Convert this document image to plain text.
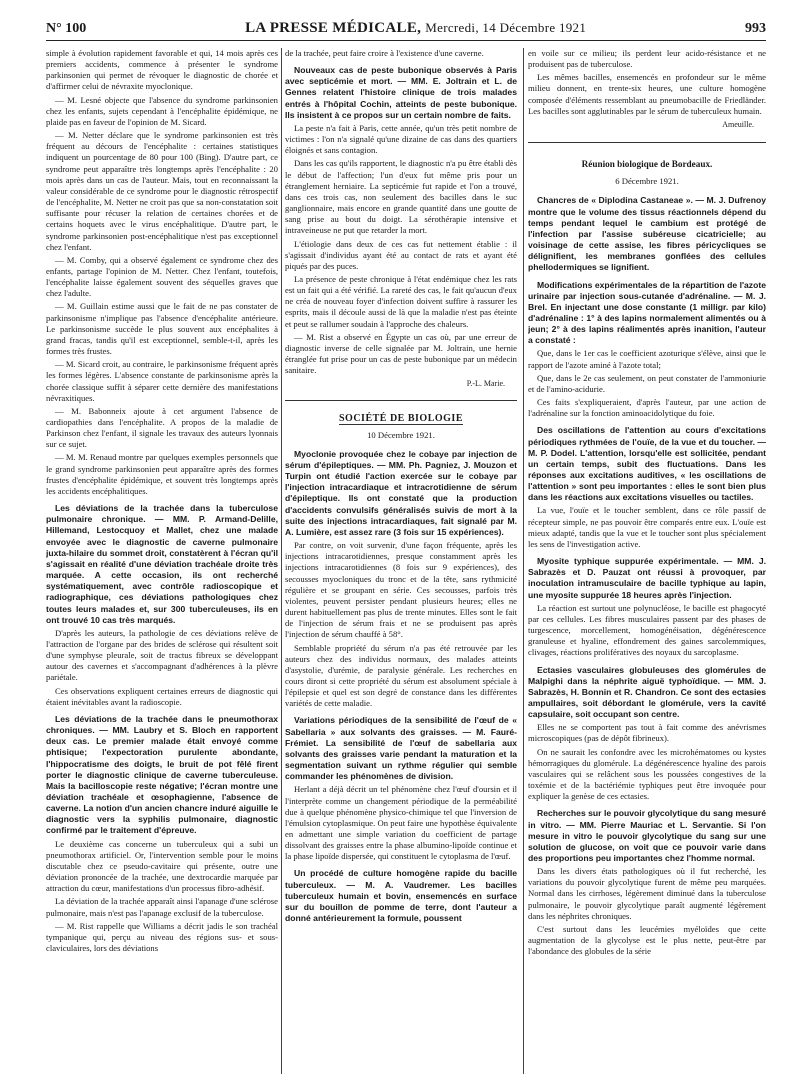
N° 100	LA PRESSE MÉDICALE, Mercredi, 14 Décembre 1921	993

simple à évolution rapidement favorable et qui, 14 mois après ces premiers accidents, commence à présenter le syndrome parkinsonien qui permet de révoquer le diagnostic de chorée et d'affirmer celui de névraxite myoclonique.

— M. Lesné objecte que l'absence du syndrome parkinsonien chez les enfants, sujets cependant à l'encéphalite épidémique, ne plaide pas en faveur de l'opinion de M. Sicard.

— M. Netter déclare que le syndrome parkinsonien est très fréquent au décours de l'encéphalite : certaines statistiques indiquent un pourcentage de 80 pour 100 (Bing). D'autre part, ce syndrome peut apparaître très longtemps après l'encéphalite : 20 mois après dans un cas de l'auteur. Mais, tout en reconnaissant la valeur considérable de ce syndrome pour le diagnostic rétrospectif de l'encéphalite, M. Netter ne croit pas que sa non-constatation soit suffisante pour récuser la relation de certaines chorées et de certains hoquets avec le virus encéphalitique. D'autre part, le syndrome parkinsonien post-encéphalitique n'est pas exceptionnel chez l'enfant.

— M. Comby, qui a observé également ce syndrome chez des enfants, partage l'opinion de M. Netter. Chez l'enfant, toutefois, l'encéphalite laisse également souvent des séquelles graves que chez l'adulte.

— M. Guillain estime aussi que le fait de ne pas constater de parkinsonisme n'implique pas l'absence d'encéphalite antérieure. Le parkinsonisme succède le plus souvent aux encéphalites à grand fracas, tandis qu'il est exceptionnel, semble-t-il, après les formes très frustes.

— M. Sicard croit, au contraire, le parkinsonisme fréquent après les formes légères. L'absence constante de parkinsonisme après la chorée classique suffit à séparer cette dernière des manifestations névraxitiques.

— M. Babonneix ajoute à cet argument l'absence de cardiopathies dans l'encéphalite. A propos de la maladie de Parkinson chez l'enfant, il signale les travaux des auteurs lyonnais sur ce sujet.

— M. M. Renaud montre par quelques exemples personnels que le grand syndrome parkinsonien peut apparaître après des formes frustes d'encéphalite épidémique, et souvent très longtemps après les accidents encéphalitiques.

Les déviations de la trachée dans la tuberculose pulmonaire chronique. — MM. P. Armand-Delille, Hillemand, Lestocquoy et Mallet, chez une malade envoyée avec le diagnostic de caverne pulmonaire juxta-hilaire du sommet droit, constatèrent à l'écran qu'il s'agissait en réalité d'une déviation trachéale droite très marquée. A cette occasion, ils ont recherché systématiquement, avec contrôle radioscopique et radiographique, ces déviations pathologiques chez toutes leurs malades et, sur 300 tuberculeuses, ils en ont trouvé 10 cas très marqués.

D'après les auteurs, la pathologie de ces déviations relève de l'attraction de l'organe par des brides de sclérose qui résultent soit d'une symphyse pleurale, soit de tractus fibreux se développant autour des cavernes et s'accompagnant d'adhérences à la plèvre pariétale.

Ces observations expliquent certaines erreurs de diagnostic qui étaient inévitables avant la radioscopie.

Les déviations de la trachée dans le pneumothorax chroniques. — MM. Laubry et S. Bloch en rapportent deux cas. Le premier malade était envoyé comme phtisique; l'expectoration purulente abondante, l'hippocratisme des doigts, le bruit de pot fêlé firent porter le diagnostic clinique de caverne tuberculeuse. Mais la bacilloscopie reste négative; l'écran montre une déviation trachéale et œsophagienne, l'absence de caverne. La notion d'un ancien chancre induré aiguille le diagnostic vers la syphilis pulmonaire, diagnostic confirmé par le traitement d'épreuve.

Le deuxième cas concerne un tuberculeux qui a subi un pneumothorax artificiel. Or, l'intervention semble pour le moins discutable chez ce pseudo-cavitaire qui présente, outre une déviation prononcée de la trachée, une dextrocardie marquée par attraction du cœur, manifestations d'un processus fibro-adhésif.

La déviation de la trachée apparaît ainsi l'apanage d'une sclérose pulmonaire, mais n'est pas l'apanage exclusif de la tuberculose.

— M. Rist rappelle que Williams a décrit jadis le son trachéal tympanique qui, perçu au niveau des régions sus- et sous-claviculaires, lors des déviations

de la trachée, peut faire croire à l'existence d'une caverne.

Nouveaux cas de peste bubonique observés à Paris avec septicémie et mort. — MM. E. Joltrain et L. de Gennes relatent l'histoire clinique de trois malades entrés à l'hôpital Cochin, atteints de peste bubonique. Ils insistent à ce propos sur un certain nombre de faits.

La peste n'a fait à Paris, cette année, qu'un très petit nombre de victimes : l'on n'a signalé qu'une dizaine de cas dans des quartiers éloignés et sans contagion.

Dans les cas qu'ils rapportent, le diagnostic n'a pu être établi dès le début de l'affection; l'un d'eux fut même pris pour un étranglement herniaire. La septicémie fut rapide et l'on a trouvé, dans ces trois cas, non seulement des bacilles dans le suc ganglionnaire, mais encore en grande quantité dans une goutte de sang prise au bout du doigt. La sérothérapie intensive et intraveineuse ne put que retarder la mort.

L'étiologie dans deux de ces cas fut nettement établie : il s'agissait d'individus ayant été au contact de rats et ayant été piqués par des puces.

La présence de peste chronique à l'état endémique chez les rats est un fait qui a été vérifié. La rareté des cas, le fait qu'aucun d'eux ne créa de nouveau foyer d'infection doivent suffire à rassurer les esprits, mais il découle aussi de là que la maladie n'est pas éteinte et peut se rallumer soudain à l'approche des chaleurs.

— M. Rist a observé en Égypte un cas où, par une erreur de diagnostic inverse de celle signalée par M. Joltrain, une hernie étranglée fut prise pour un cas de peste bubonique par un médecin sanitaire.

P.-L. Marie.

SOCIÉTÉ DE BIOLOGIE

10 Décembre 1921.

Myoclonie provoquée chez le cobaye par injection de sérum d'épileptiques. — MM. Ph. Pagniez, J. Mouzon et Turpin ont étudié l'action exercée sur le cobaye par l'injection intracardiaque et intracrotidienne de sérum d'épileptique. Ils ont constaté que la production d'accidents convulsifs généralisés suivis de mort à la suite des injections intracardiaques, fait signalé par M. A. Lumière, est assez rare (3 fois sur 15 expériences).

Par contre, on voit survenir, d'une façon fréquente, après les injections intracarotidiennes, presque constamment après les injections intracarotidiennes (8 fois sur 9 expériences), des secousses myocloniques du tronc et de la tête, sans rythmicité régulière et se groupant en série. Ces secousses, parfois très violentes, peuvent persister pendant plusieurs heures; elles ne durent habituellement pas plus de trente minutes. Elles sont le fait de l'injection de sérum frais et ne se produisent pas après l'injection de sérum chauffé à 58°.

Semblable propriété du sérum n'a pas été retrouvée par les auteurs chez des individus normaux, des malades atteints d'asystolie, d'urémie, de paralysie générale. Les recherches en cours diront si cette propriété du sérum est absolument spéciale à l'épilepsie et quel est son degré de constance dans les différentes variétés de cette maladie.

Variations périodiques de la sensibilité de l'œuf de « Sabellaria » aux solvants des graisses. — M. Fauré-Frémiet. La sensibilité de l'œuf de sabellaria aux solvants des graisses varie pendant la maturation et la segmentation suivant un rythme régulier qui semble commander les phénomènes de division.

Herlant a déjà décrit un tel phénomène chez l'œuf d'oursin et il l'interprète comme un changement périodique de la perméabilité due à quelque phénomène physico-chimique tel que l'inversion de l'émulsion cytoplasmique. On peut faire une hypothèse équivalente en admettant une simple variation du coefficient de partage dissolvant des graisses entre la phase albumino-lipoïde continue et la phase lipoïde dispersée, qui constituent le cytoplasma de l'œuf.

Un procédé de culture homogène rapide du bacille tuberculeux. — M. A. Vaudremer. Les bacilles tuberculeux humain et bovin, ensemencés en surface sur du bouillon de pomme de terre, dont l'auteur a donné antérieurement la formule, poussent

en voile sur ce milieu; ils perdent leur acido-résistance et ne produisent pas de tuberculose.

Les mêmes bacilles, ensemencés en profondeur sur le même milieu donnent, en trente-six heures, une culture homogène composée d'éléments ressemblant au pneumobacille de Friedländer. Les bacilles sont agglutinables par le sérum de tuberculeux humain.

Ameuille.

Réunion biologique de Bordeaux.

6 Décembre 1921.

Chancres de « Diplodina Castaneae ». — M. J. Dufrenoy montre que le volume des tissus réactionnels dépend du temps pendant lequel le cambium est protégé de l'infection par l'assise subéreuse cicatricielle; au voisinage de cette assise, les fibres péricycliques se délignifient, les membranes gonflées des cellules phellodermiques se lignifient.

Modifications expérimentales de la répartition de l'azote urinaire par injection sous-cutanée d'adrénaline. — M. J. Brel. En injectant une dose constante (1 milligr. par kilo) d'adrénaline : 1° à des lapins normalement alimentés ou à jeun; 2° à des lapins réalimentés après inanition, l'auteur a constaté :

Que, dans le 1er cas le coefficient azoturique s'élève, ainsi que le rapport de l'azote aminé à l'azote total;

Que, dans le 2e cas seulement, on peut constater de l'ammoniurie et de l'amino-acidurie.

Ces faits s'expliqueraient, d'après l'auteur, par une action de l'adrénaline sur la fonction aminoacidolytique du foie.

Des oscillations de l'attention au cours d'excitations périodiques rythmées de l'ouïe, de la vue et du toucher. — M. P. Dodel. L'attention, lorsqu'elle est sollicitée, pendant un certain temps, subit des fluctuations. Dans les réponses aux excitations auditives, « les oscillations de l'attention » sont peu importantes : elles le sont bien plus dans les réactions aux excitations visuelles ou tactiles.

La vue, l'ouïe et le toucher semblent, dans ce rôle passif de récepteur simple, ne pas pouvoir être comparés entre eux. L'ouïe est mieux adapté, tandis que la vue et le toucher sont plus spécialement les sens de l'investigation active.

Myosite typhique suppurée expérimentale. — MM. J. Sabrazès et D. Pauzat ont réussi à provoquer, par inoculation intramusculaire de bacille typhique au lapin, une myosite suppurée 18 heures après l'injection.

La réaction est surtout une polynucléose, le bacille est phagocyté par ces cellules. Les fibres musculaires passent par des phases de turgescence, morcellement, homogénéisation, dégénérescence granuleuse et hyaline, effondrement des gaines sarcolemmiques, clivages, réactions prolifératives des noyaux du sarcoplasme.

Ectasies vasculaires globuleuses des glomérules de Malpighi dans la néphrite aiguë typhoïdique. — MM. J. Sabrazès, H. Bonnin et R. Chandron. Ce sont des ectasies ampullaires, soit débordant le glomérule, vers la cavité capsulaire, soit occupant son centre.

Elles ne se comportent pas tout à fait comme des anévrismes microscopiques (pas de dépôt fibrineux).

On ne saurait les confondre avec les microhématomes ou kystes hémorragiques du glomérule. La dégénérescence hyaline des parois vasculaires qui se relâchent sous les poussées congestives de la toxémie et de la bactériémie typhiques peut être invoquée pour expliquer la genèse de ces ectasies.

Recherches sur le pouvoir glycolytique du sang mesuré in vitro. — MM. Pierre Mauriac et L. Servantie. Si l'on mesure in vitro le pouvoir glycolytique du sang sur une solution de glucose, on voit que ce pouvoir varie dans des proportions peu importantes chez l'homme normal.

Dans les divers états pathologiques où il fut recherché, les variations du pouvoir glycolytique furent de même peu marquées. Normal dans les cirrhoses, légèrement diminué dans la tuberculose pulmonaire, le pouvoir glycolytique paraît augmenté légèrement dans les néphrites chroniques.

C'est surtout dans les leucémies myéloïdes que cette augmentation de la glycolyse est le plus nette, peut-être par l'abondance des globules de la série
